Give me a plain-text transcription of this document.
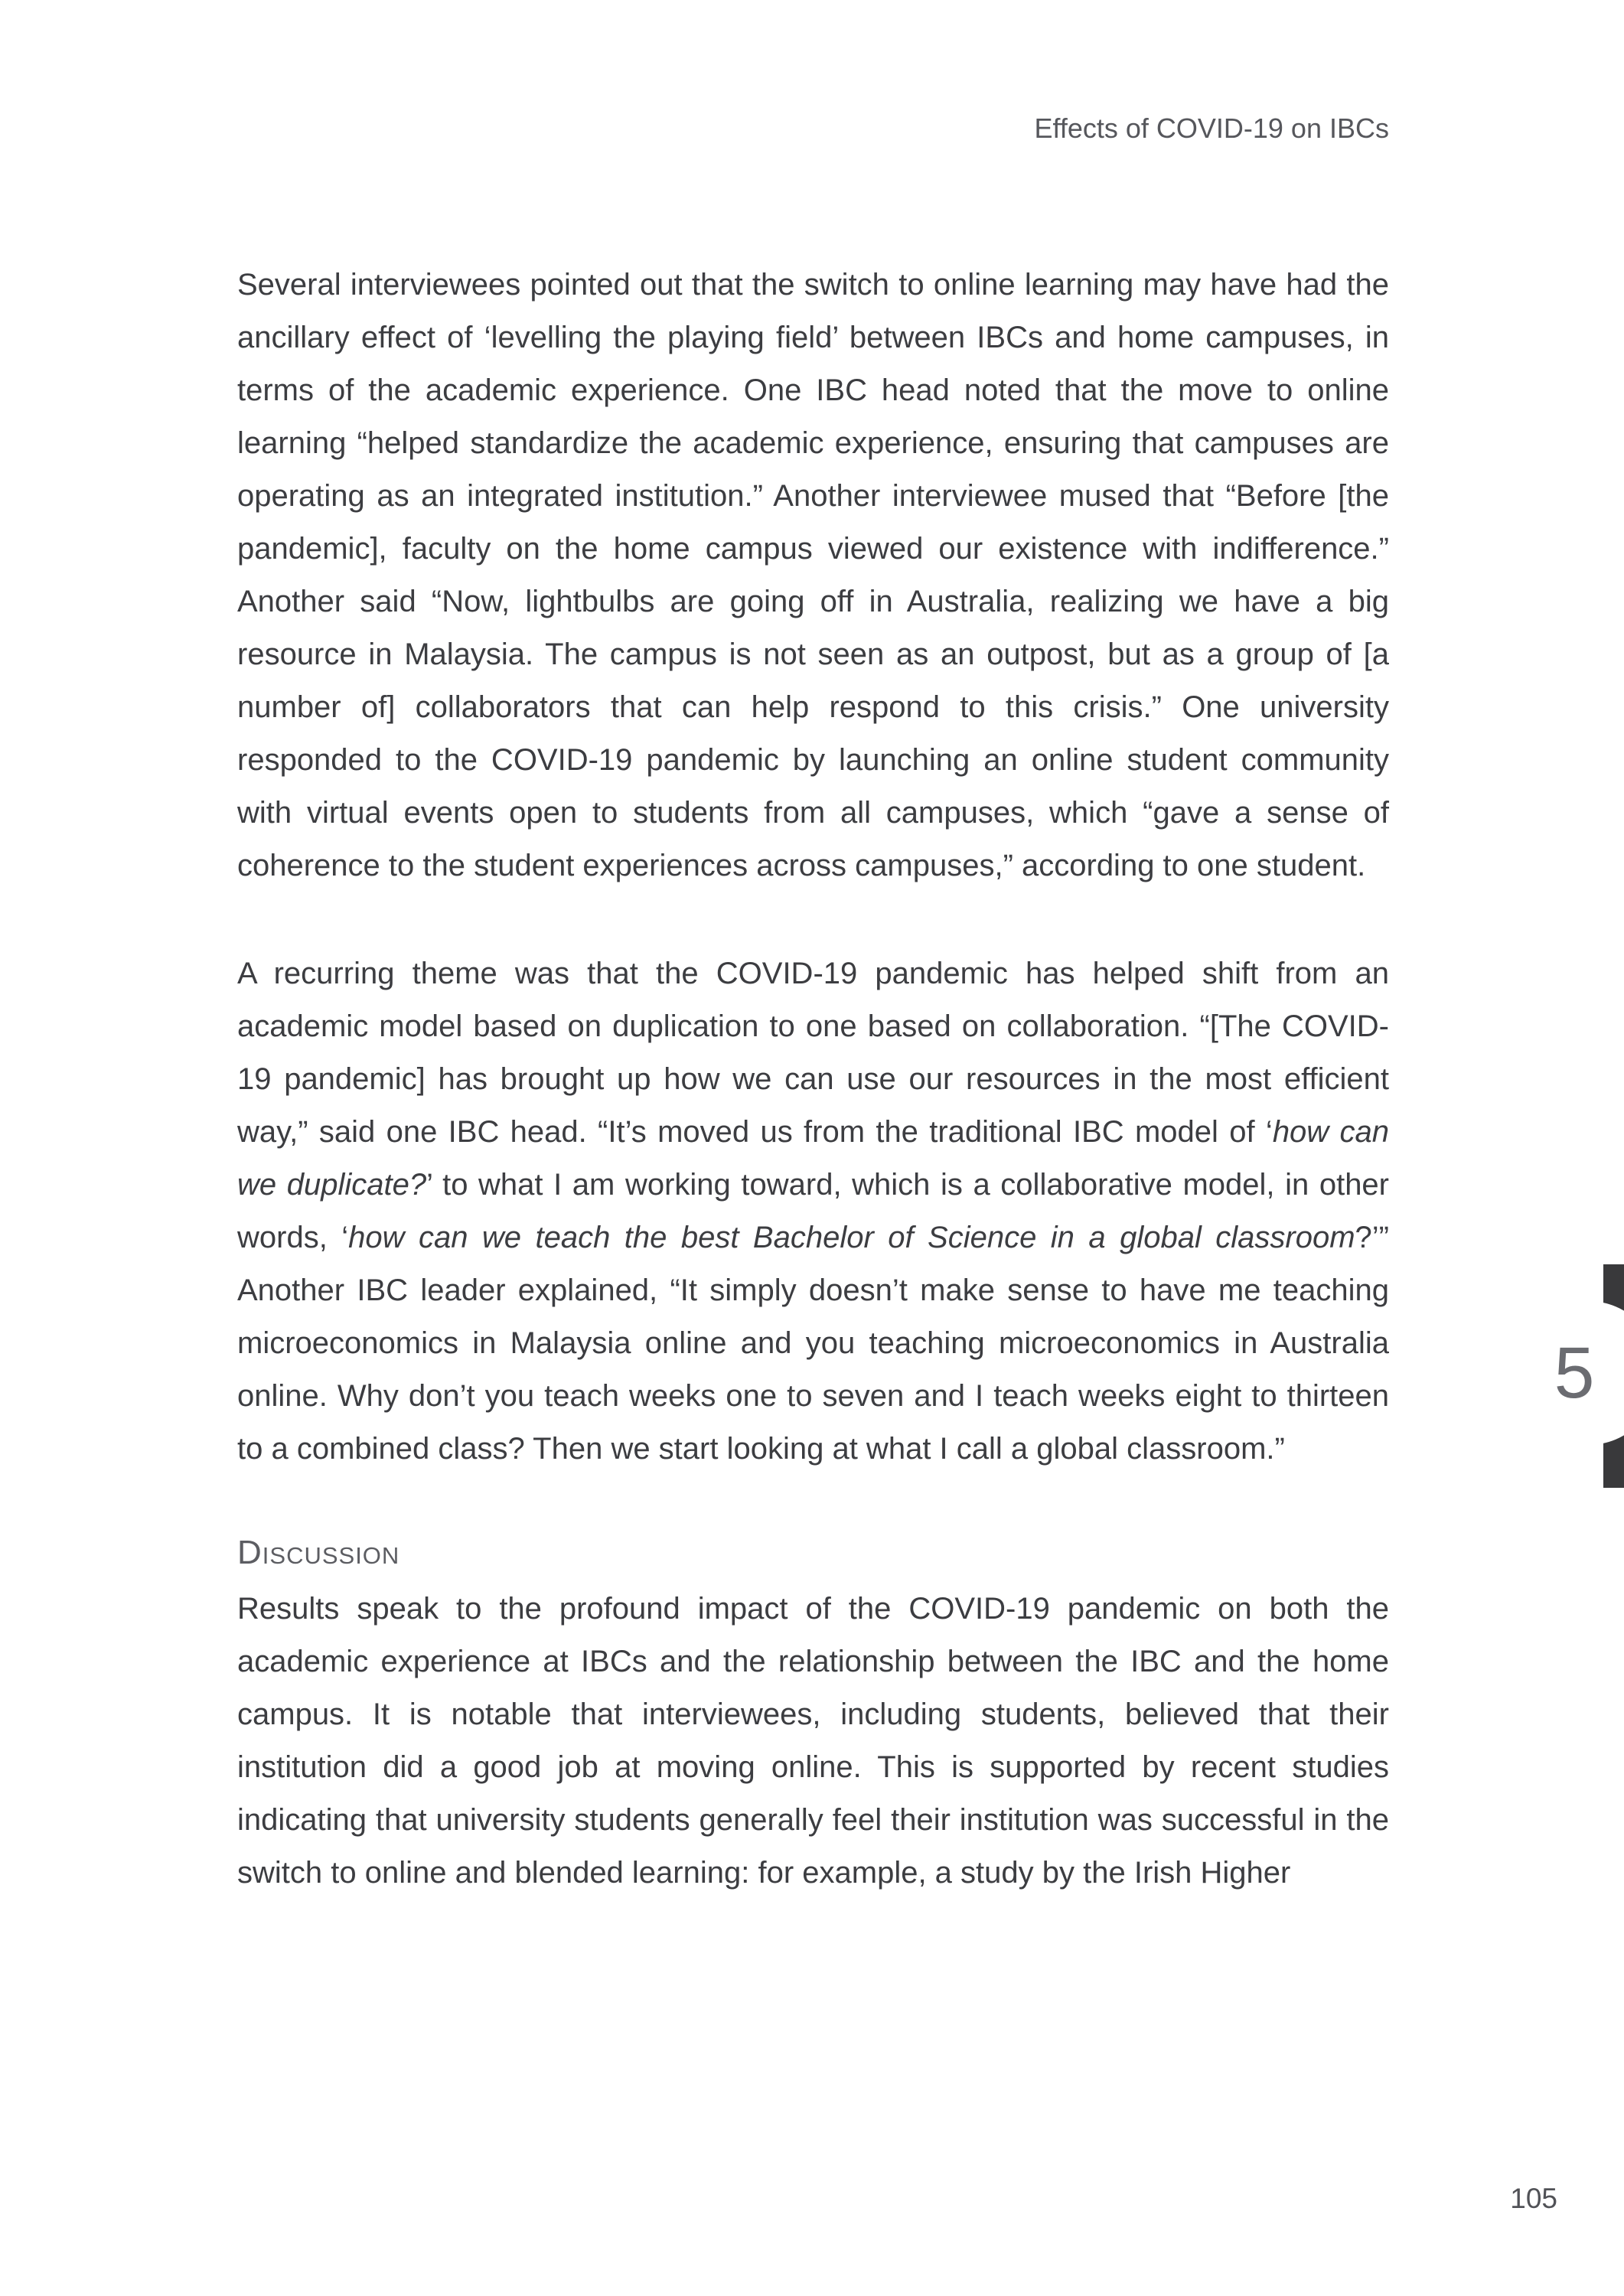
Effects of COVID-19 on IBCs

Several interviewees pointed out that the switch to online learning may have had the ancillary effect of ‘levelling the playing field’ between IBCs and home campuses, in terms of the academic experience. One IBC head noted that the move to online learning “helped standardize the academic experience, ensuring that campuses are operating as an integrated institution.” Another interviewee mused that “Before [the pandemic], faculty on the home campus viewed our existence with indifference.” Another said “Now, lightbulbs are going off in Australia, realizing we have a big resource in Malaysia. The campus is not seen as an outpost, but as a group of [a number of] collaborators that can help respond to this crisis.” One university responded to the COVID-19 pandemic by launching an online student community with virtual events open to students from all campuses, which “gave a sense of coherence to the student experiences across campuses,” according to one student.

A recurring theme was that the COVID-19 pandemic has helped shift from an academic model based on duplication to one based on collaboration. “[The COVID-19 pandemic] has brought up how we can use our resources in the most efficient way,” said one IBC head. “It’s moved us from the traditional IBC model of ‘how can we duplicate?’ to what I am working toward, which is a collaborative model, in other words, ‘how can we teach the best Bachelor of Science in a global classroom?’” Another IBC leader explained, “It simply doesn’t make sense to have me teaching microeconomics in Malaysia online and you teaching microeconomics in Australia online. Why don’t you teach weeks one to seven and I teach weeks eight to thirteen to a combined class? Then we start looking at what I call a global classroom.”

Discussion

Results speak to the profound impact of the COVID-19 pandemic on both the academic experience at IBCs and the relationship between the IBC and the home campus. It is notable that interviewees, including students, believed that their institution did a good job at moving online. This is supported by recent studies indicating that university students generally feel their institution was successful in the switch to online and blended learning: for example, a study by the Irish Higher

5
105
